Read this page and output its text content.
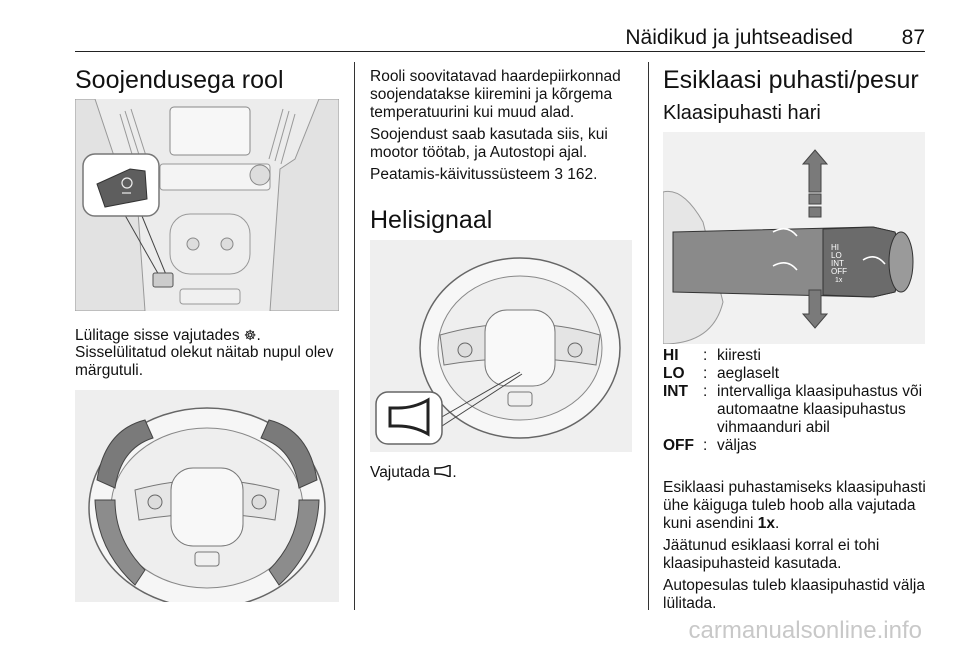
Näidikud ja juhtseadised 87
Soojendusega rool

Lülitage sisse vajutades ☸.

Sisselülitatud olekut näitab nupul olev märgutuli.

Rooli soovitatavad haardepiirkonnad soojendatakse kiiremini ja kõrgema temperatuurini kui muud alad.

Soojendust saab kasutada siis, kui mootor töötab, ja Autostopi ajal.

Peatamis-käivitussüsteem 3 162.

Helisignaal

Vajutada .

Esiklaasi puhasti/pesur
Klaasipuhasti hari
HI
LO
INT
OFF
1x
HI	:	kiiresti
LO	:	aeglaselt
INT	:	intervalliga klaasipuhastus või automaatne klaasipuhastus vihmaanduri abil
OFF	:	väljas

Esiklaasi puhastamiseks klaasipuhasti ühe käiguga tuleb hoob alla vajutada kuni asendini 1x.

Jäätunud esiklaasi korral ei tohi klaasipuhasteid kasutada.

Autopesulas tuleb klaasipuhastid välja lülitada.

carmanualsonline.info
